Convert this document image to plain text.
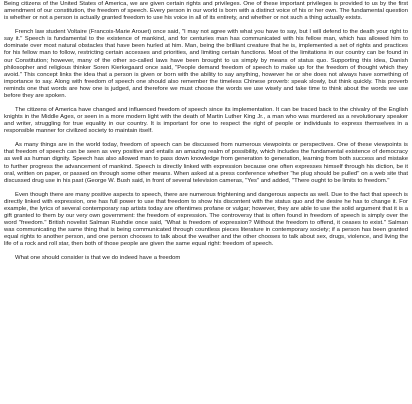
Being citizens of the United States of America, we are given certain rights and privileges. One of these important privileges is provided to us by the first amendment of our constitution, the freedom of speech. Every person in our world is born with a distinct voice of his or her own. The fundamental question is whether or not a person is actually granted freedom to use his voice in all of its entirety, and whether or not such a thing actually exists.

French law student Voltaire (Francois-Marie Arouet) once said, "I may not agree with what you have to say, but I will defend to the death your right to say it." Speech is fundamental to the existence of mankind, and for centuries man has communicated with his fellow man, which has allowed him to dominate over most natural obstacles that have been hurled at him. Man, being the brilliant creature that he is, implemented a set of rights and practices for his fellow man to follow, restricting certain accesses and priorities, and limiting certain functions. Most of the limitations in our country can be found in our Constitution; however, many of the other so-called laws have been brought to us simply by means of status quo. Supporting this idea, Danish philosopher and religious thinker Soren Kierkegaard once said, "People demand freedom of speech to make up for the freedom of thought which they avoid." This concept links the idea that a person is given or born with the ability to say anything, however he or she does not always have something of importance to say. Along with freedom of speech one should also remember the timeless Chinese proverb: speak slowly, but think quickly. This proverb reminds one that words are how one is judged, and therefore we must choose the words we use wisely and take time to think about the words we use before they are spoken.

The citizens of America have changed and influenced freedom of speech since its implementation. It can be traced back to the chivalry of the English knights in the Middle Ages, or seen in a more modern light with the death of Martin Luther King Jr., a man who was murdered as a revolutionary speaker and writer, struggling for true equality in our country. It is important for one to respect the right of people or individuals to express themselves in a responsible manner for civilized society to maintain itself.

As many things are in the world today, freedom of speech can be discussed from numerous viewpoints or perspectives. One of these viewpoints is that freedom of speech can be seen as very positive and entails an amazing realm of possibility, which includes the fundamental existence of democracy as well as human dignity. Speech has also allowed man to pass down knowledge from generation to generation, learning from both success and mistake to further progress the advancement of mankind. Speech is directly linked with expression because one often expresses himself through his diction, be it oral, written on paper, or passed on through some other means. When asked at a press conference whether "he plug should be pulled" on a web site that discussed drug use in his past (George W. Bush said, in front of several television cameras, "Yes" and added, "There ought to be limits to freedom."

Even though there are many positive aspects to speech, there are numerous frightening and dangerous aspects as well. Due to the fact that speech is directly linked with expression, one has full power to use that freedom to show his discontent with the status quo and the desire he has to change it. For example, the lyrics of several contemporary rap artists today are oftentimes profane or vulgar; however, they are able to use the solid argument that it is a gift granted to them by our very own government: the freedom of expression. The controversy that is often found in freedom of speech is simply over the word "freedom." British novelist Salman Rushdie once said, "What is freedom of expression? Without the freedom to offend, it ceases to exist." Salman was communicating the same thing that is being communicated through countless pieces literature in contemporary society; if a person has been granted equal rights to another person, and one person chooses to talk about the weather and the other chooses to talk about sex, drugs, violence, and living the life of a rock and roll star, then both of those people are given the same equal right: freedom of speech.

What one should consider is that we do indeed have a freedom
